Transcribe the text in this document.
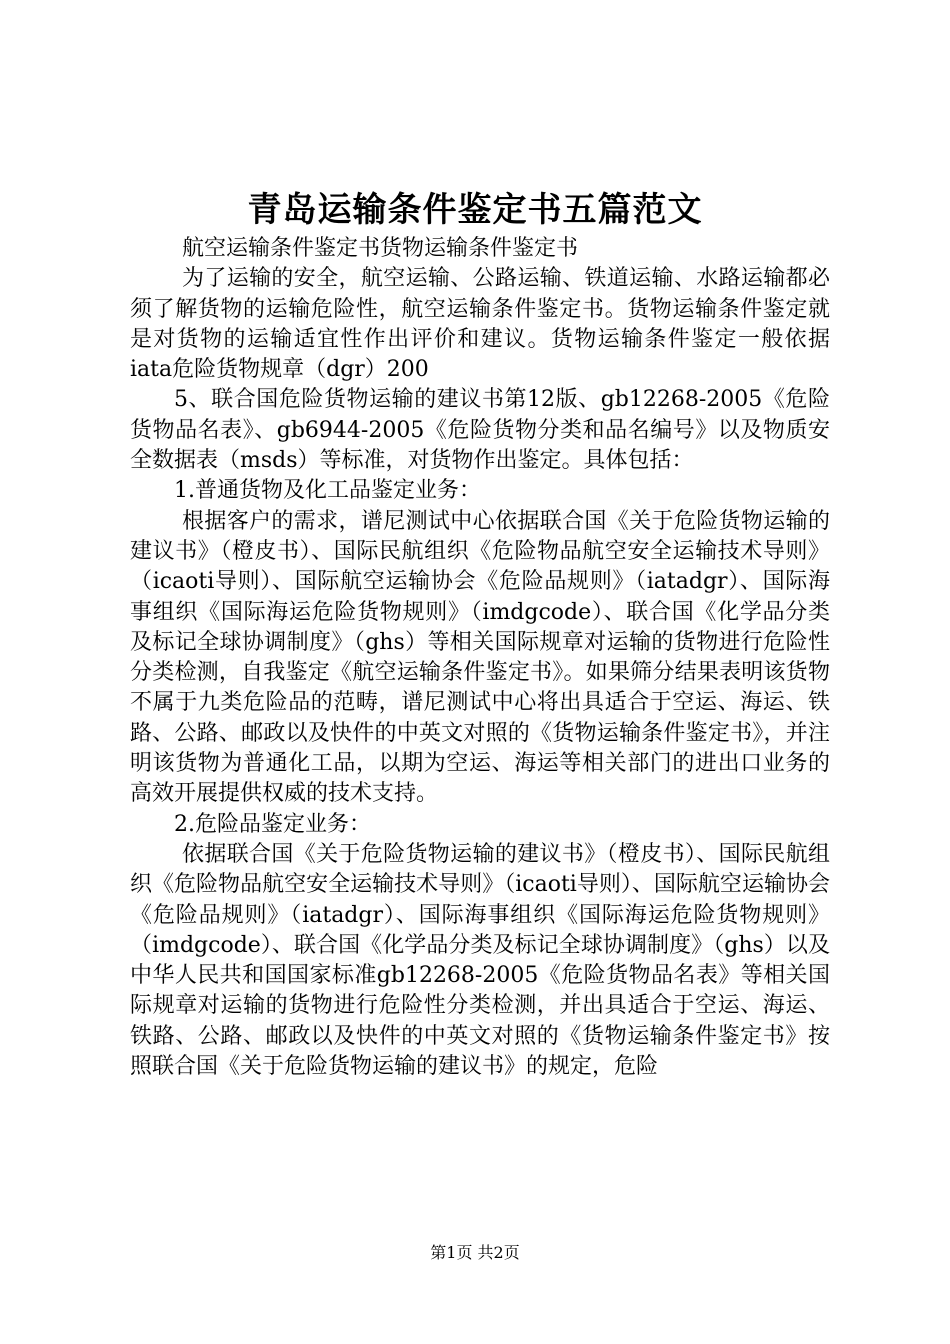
青岛运输条件鉴定书五篇范文

航空运输条件鉴定书货物运输条件鉴定书

为了运输的安全，航空运输、公路运输、铁道运输、水路运输都必须了解货物的运输危险性，航空运输条件鉴定书。货物运输条件鉴定就是对货物的运输适宜性作出评价和建议。货物运输条件鉴定一般依据iata危险货物规章（dgr）200

5、联合国危险货物运输的建议书第12版、gb12268-2005《危险货物品名表》、gb6944-2005《危险货物分类和品名编号》以及物质安全数据表（msds）等标准，对货物作出鉴定。具体包括：

1.普通货物及化工品鉴定业务：

根据客户的需求，谱尼测试中心依据联合国《关于危险货物运输的建议书》（橙皮书）、国际民航组织《危险物品航空安全运输技术导则》（icaoti导则）、国际航空运输协会《危险品规则》（iatadgr）、国际海事组织《国际海运危险货物规则》（imdgcode）、联合国《化学品分类及标记全球协调制度》（ghs）等相关国际规章对运输的货物进行危险性分类检测，自我鉴定《航空运输条件鉴定书》。如果筛分结果表明该货物不属于九类危险品的范畴，谱尼测试中心将出具适合于空运、海运、铁路、公路、邮政以及快件的中英文对照的《货物运输条件鉴定书》，并注明该货物为普通化工品，以期为空运、海运等相关部门的进出口业务的高效开展提供权威的技术支持。

2.危险品鉴定业务：

依据联合国《关于危险货物运输的建议书》（橙皮书）、国际民航组织《危险物品航空安全运输技术导则》（icaoti导则）、国际航空运输协会《危险品规则》（iatadgr）、国际海事组织《国际海运危险货物规则》（imdgcode）、联合国《化学品分类及标记全球协调制度》（ghs）以及中华人民共和国国家标准gb12268-2005《危险货物品名表》等相关国际规章对运输的货物进行危险性分类检测，并出具适合于空运、海运、铁路、公路、邮政以及快件的中英文对照的《货物运输条件鉴定书》按照联合国《关于危险货物运输的建议书》的规定，危险

第1页 共2页
